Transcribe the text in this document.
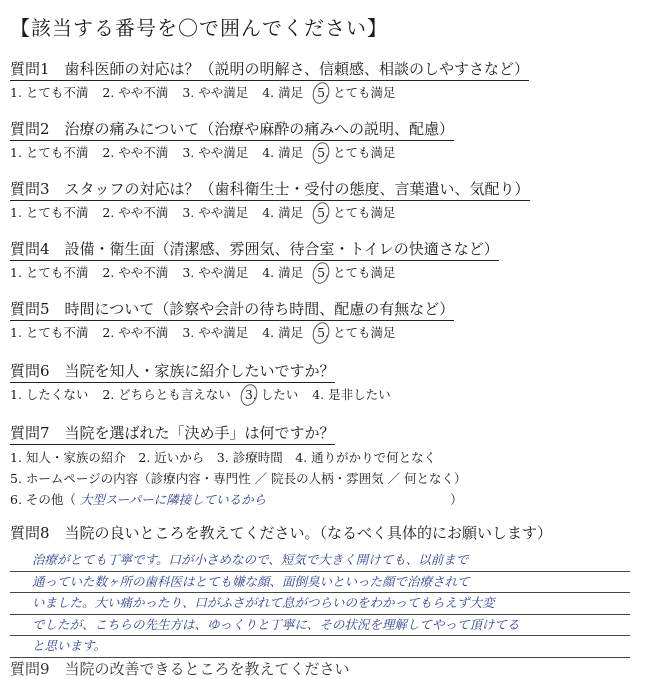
【該当する番号を〇で囲んでください】
質問1　歯科医師の対応は？（説明の明解さ、信頼感、相談のしやすさなど）
1. とても不満 2. やや不満 3. やや満足 4. 満足 5. とても満足
質問2　治療の痛みについて（治療や麻酔の痛みへの説明、配慮）
1. とても不満 2. やや不満 3. やや満足 4. 満足 5. とても満足
質問3　スタッフの対応は？（歯科衛生士・受付の態度、言葉遣い、気配り）
1. とても不満 2. やや不満 3. やや満足 4. 満足 5. とても満足
質問4　設備・衛生面（清潔感、雰囲気、待合室・トイレの快適さなど）
1. とても不満 2. やや不満 3. やや満足 4. 満足 5. とても満足
質問5　時間について（診察や会計の待ち時間、配慮の有無など）
1. とても不満 2. やや不満 3. やや満足 4. 満足 5. とても満足
質問6　当院を知人・家族に紹介したいですか？
1. したくない 2. どちらとも言えない 3. したい 4. 是非したい
質問7　当院を選ばれた「決め手」は何ですか？
1. 知人・家族の紹介　2. 近いから　3. 診療時間　4. 通りがかりで何となく
5. ホームページの内容（診療内容・専門性 ／ 院長の人柄・雰囲気 ／ 何となく）
6. その他（ 大型スーパーに隣接しているから	）
質問8　当院の良いところを教えてください。（なるべく具体的にお願いします）
治療がとても丁寧です。口が小さめなので、短気で大きく開けても、以前まで
通っていた数ヶ所の歯科医はとても嫌な顔、面倒臭いといった顔で治療されて
いました。大い痛かったり、口がふさがれて息がつらいのをわかってもらえず大変
でしたが、こちらの先生方は、ゆっくりと丁寧に、その状況を理解してやって頂けてる
と思います。
質問9　当院の改善できるところを教えてください
